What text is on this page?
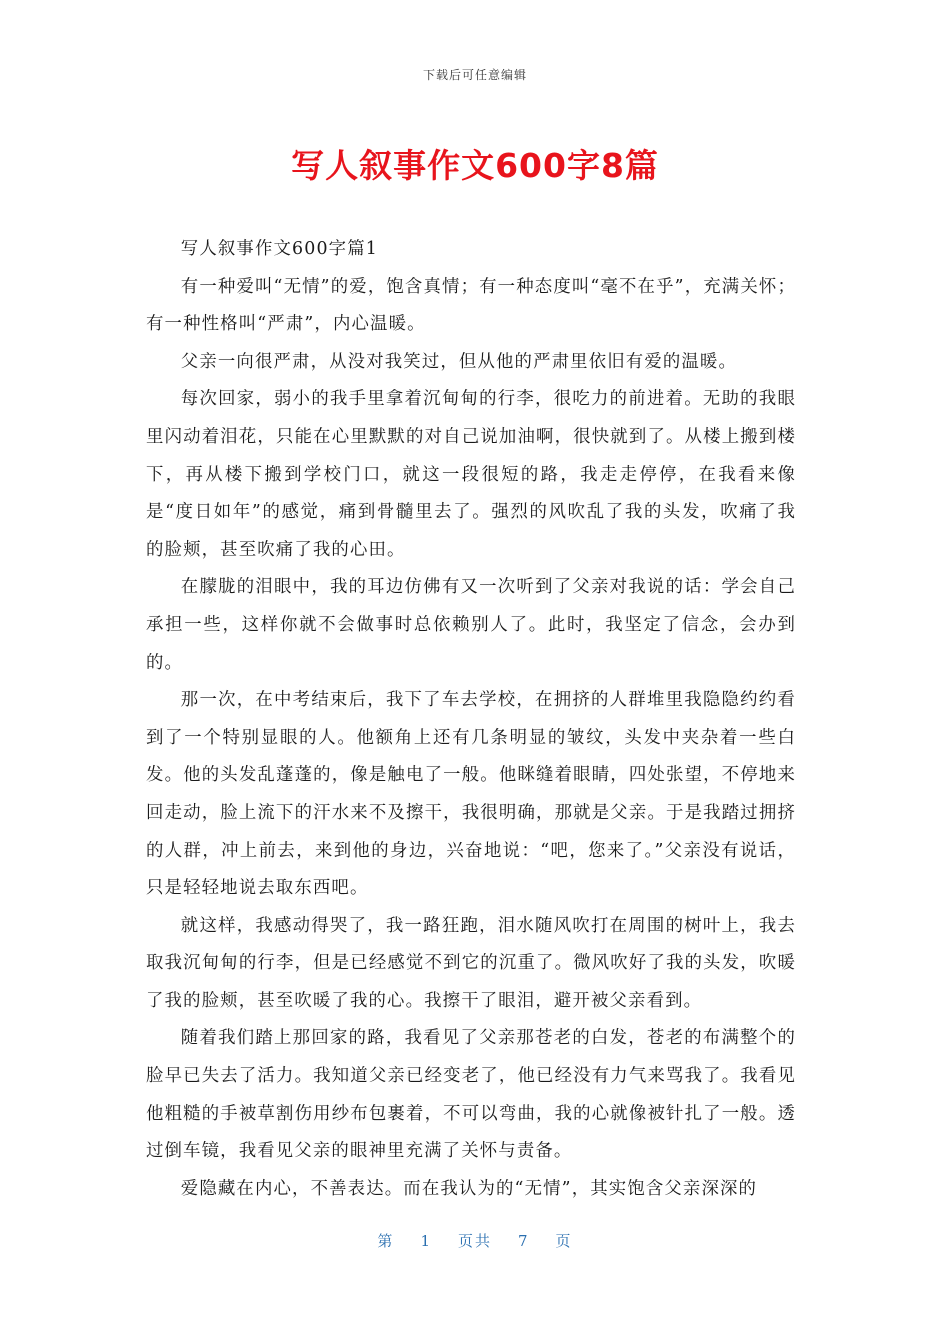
下载后可任意编辑
写人叙事作文600字8篇

写人叙事作文600字篇1

有一种爱叫“无情”的爱，饱含真情；有一种态度叫“毫不在乎”，充满关怀；有一种性格叫“严肃”，内心温暖。

父亲一向很严肃，从没对我笑过，但从他的严肃里依旧有爱的温暖。

每次回家，弱小的我手里拿着沉甸甸的行李，很吃力的前进着。无助的我眼里闪动着泪花，只能在心里默默的对自己说加油啊，很快就到了。从楼上搬到楼下，再从楼下搬到学校门口，就这一段很短的路，我走走停停，在我看来像是“度日如年”的感觉，痛到骨髓里去了。强烈的风吹乱了我的头发，吹痛了我的脸颊，甚至吹痛了我的心田。

在朦胧的泪眼中，我的耳边仿佛有又一次听到了父亲对我说的话：学会自己承担一些，这样你就不会做事时总依赖别人了。此时，我坚定了信念，会办到的。

那一次，在中考结束后，我下了车去学校，在拥挤的人群堆里我隐隐约约看到了一个特别显眼的人。他额角上还有几条明显的皱纹，头发中夹杂着一些白发。他的头发乱蓬蓬的，像是触电了一般。他眯缝着眼睛，四处张望，不停地来回走动，脸上流下的汗水来不及擦干，我很明确，那就是父亲。于是我踏过拥挤的人群，冲上前去，来到他的身边，兴奋地说：“吧，您来了。”父亲没有说话，只是轻轻地说去取东西吧。

就这样，我感动得哭了，我一路狂跑，泪水随风吹打在周围的树叶上，我去取我沉甸甸的行李，但是已经感觉不到它的沉重了。微风吹好了我的头发，吹暖了我的脸颊，甚至吹暖了我的心。我擦干了眼泪，避开被父亲看到。

随着我们踏上那回家的路，我看见了父亲那苍老的白发，苍老的布满整个的脸早已失去了活力。我知道父亲已经变老了，他已经没有力气来骂我了。我看见他粗糙的手被草割伤用纱布包裹着，不可以弯曲，我的心就像被针扎了一般。透过倒车镜，我看见父亲的眼神里充满了关怀与责备。

爱隐藏在内心，不善表达。而在我认为的“无情”，其实饱含父亲深深的

第 1 页共 7 页
